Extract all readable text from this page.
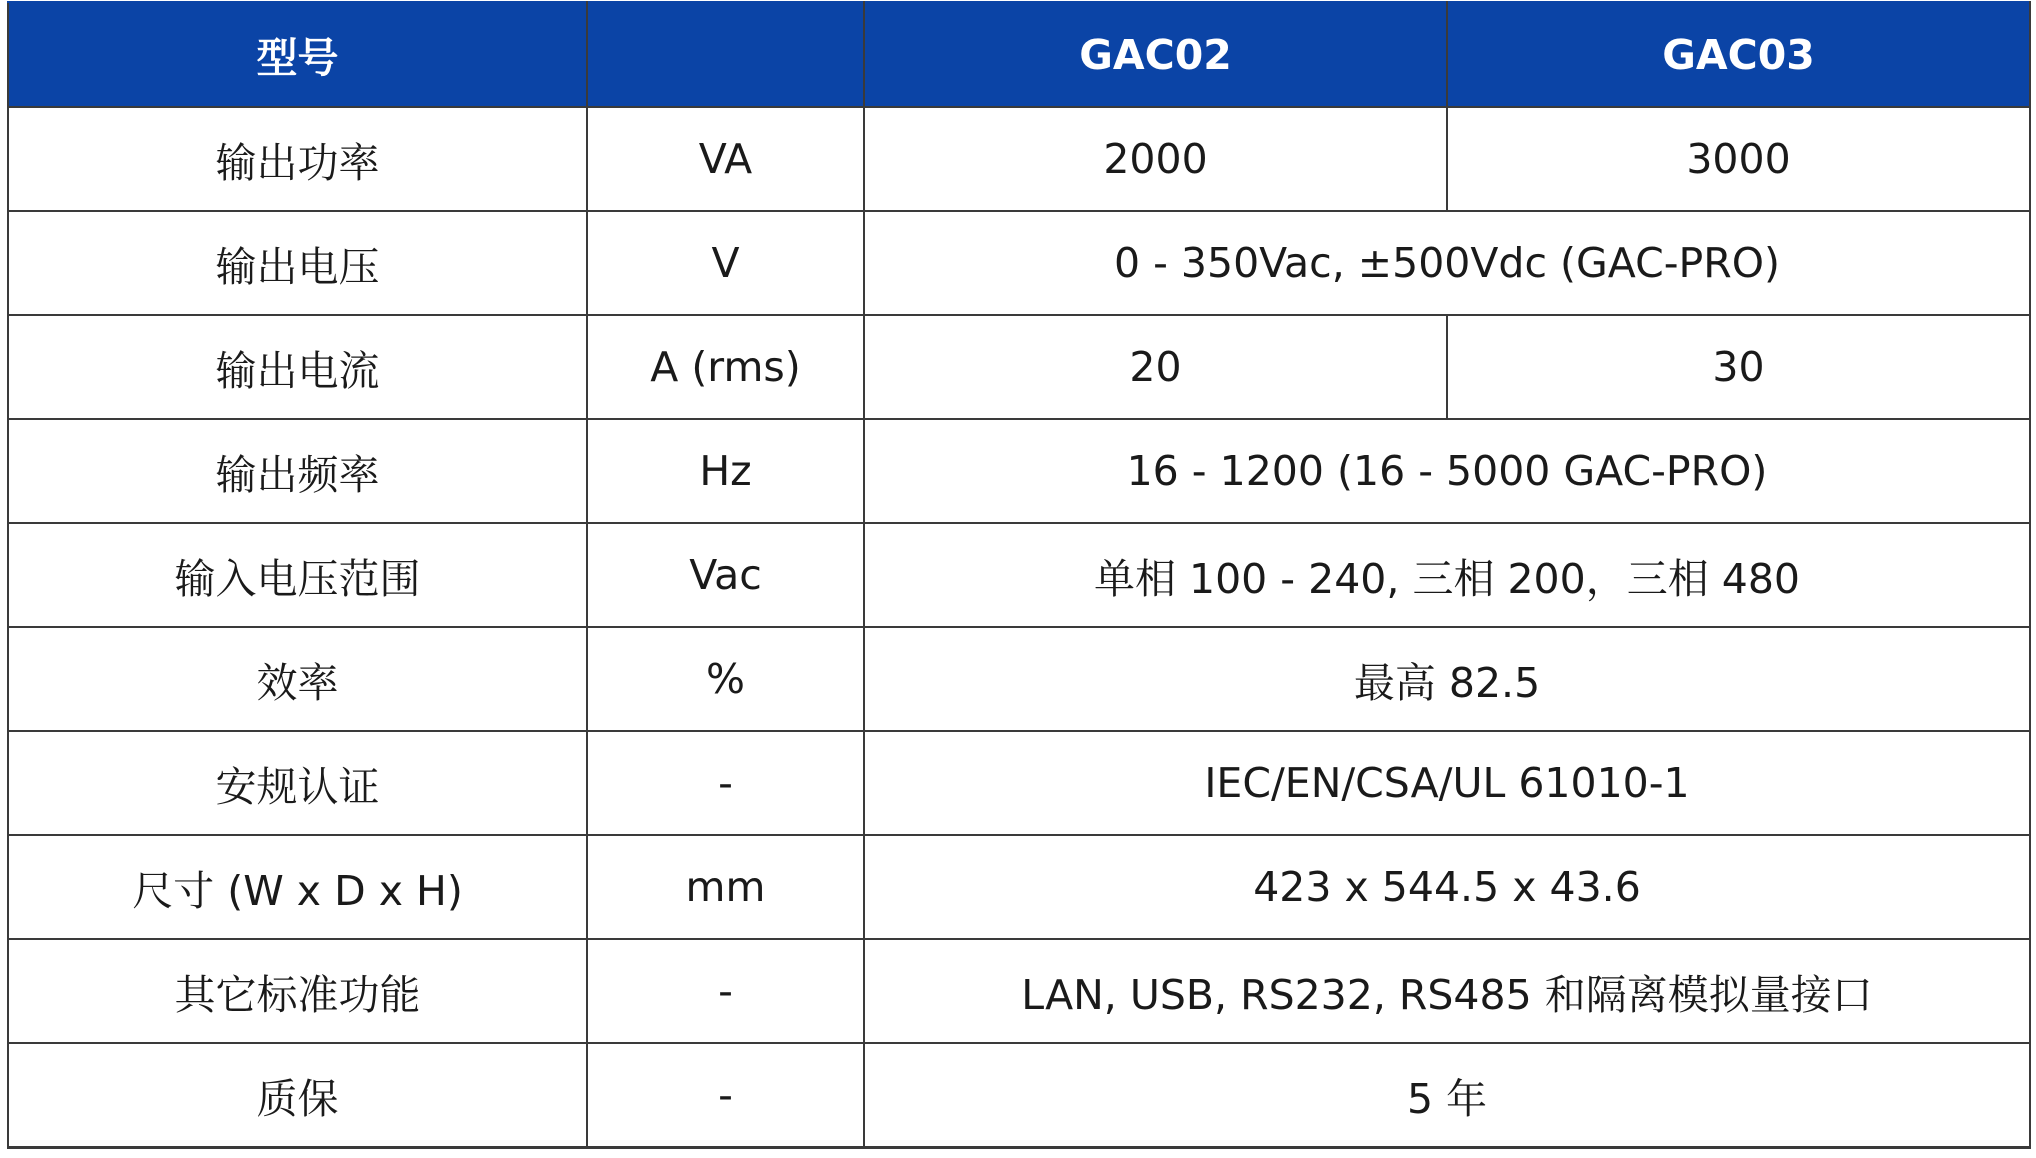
型号		GAC02	GAC03
输出功率	VA	2000	3000
输出电压	V	0 - 350Vac, ±500Vdc (GAC-PRO)	
输出电流	A (rms)	20	30
输出频率	Hz	16 - 1200 (16 - 5000 GAC-PRO)	
输入电压范围	Vac	单相 100 - 240, 三相 200，三相 480	
效率	%	最高 82.5	
安规认证	-	IEC/EN/CSA/UL 61010-1	
尺寸 (W x D x H)	mm	423 x 544.5 x 43.6	
其它标准功能	-	LAN, USB, RS232, RS485 和隔离模拟量接口	
质保	-	5 年	
